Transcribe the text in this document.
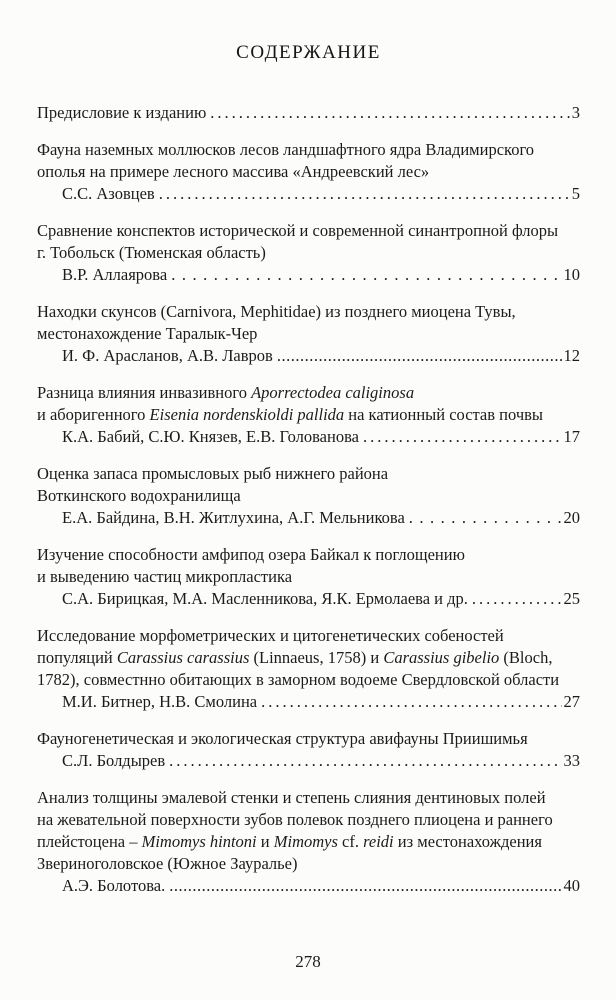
СОДЕРЖАНИЕ
Предисловие к изданию .....	3
Фауна наземных моллюсков лесов ландшафтного ядра Владимирского
ополья на примере лесного массива «Андреевский лес»
С.С. Азовцев .....	5
Сравнение конспектов исторической и современной синантропной флоры
г. Тобольск (Тюменская область)
В.Р. Аллаярова .....	10
Находки скунсов (Carnivora, Mephitidae) из позднего миоцена Тувы,
местонахождение Таралык-Чер
И. Ф. Арасланов, А.В. Лавров .....	12
Разница влияния инвазивного Aporrectodea caliginosa
и аборигенного Eisenia nordenskioldi pallida на катионный состав почвы
К.А. Бабий, С.Ю. Князев, Е.В. Голованова .....	17
Оценка запаса промысловых рыб нижнего района
Воткинского водохранилища
Е.А. Байдина, В.Н. Житлухина, А.Г. Мельникова .....	20
Изучение способности амфипод озера Байкал к поглощению
и выведению частиц микропластика
С.А. Бирицкая, М.А. Масленникова, Я.К. Ермолаева и др. .....	25
Исследование морфометрических и цитогенетических собеностей
популяций Carassius carassius (Linnaeus, 1758) и Carassius gibelio (Bloch,
1782), совместнно обитающих в заморном водоеме Свердловской области
М.И. Битнер, Н.В. Смолина .....	27
Фауногенетическая и экологическая структура авифауны Приишимья
С.Л. Болдырев .....	33
Анализ толщины эмалевой стенки и степень слияния дентиновых полей
на жевательной поверхности зубов полевок позднего плиоцена и раннего
плейстоцена – Mimomys hintoni и Mimomys cf. reidi из местонахождения
Звериноголовское (Южное Зауралье)
А.Э. Болотова. .....	40
278
